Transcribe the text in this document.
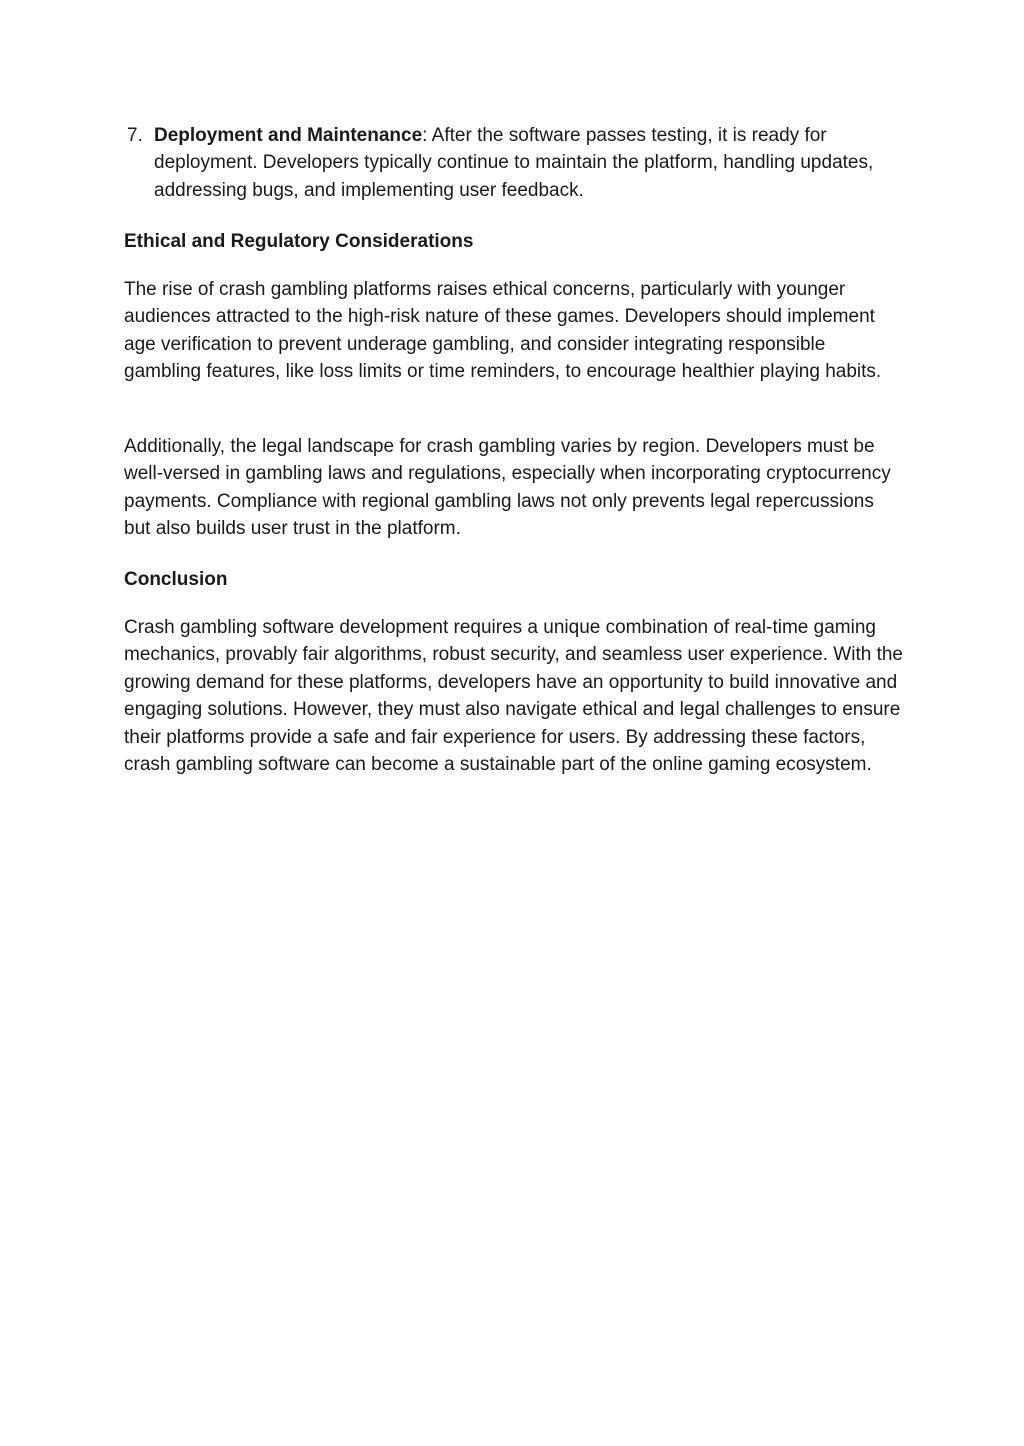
7. Deployment and Maintenance: After the software passes testing, it is ready for deployment. Developers typically continue to maintain the platform, handling updates, addressing bugs, and implementing user feedback.
Ethical and Regulatory Considerations

The rise of crash gambling platforms raises ethical concerns, particularly with younger audiences attracted to the high-risk nature of these games. Developers should implement age verification to prevent underage gambling, and consider integrating responsible gambling features, like loss limits or time reminders, to encourage healthier playing habits.

Additionally, the legal landscape for crash gambling varies by region. Developers must be well-versed in gambling laws and regulations, especially when incorporating cryptocurrency payments. Compliance with regional gambling laws not only prevents legal repercussions but also builds user trust in the platform.

Conclusion

Crash gambling software development requires a unique combination of real-time gaming mechanics, provably fair algorithms, robust security, and seamless user experience. With the growing demand for these platforms, developers have an opportunity to build innovative and engaging solutions. However, they must also navigate ethical and legal challenges to ensure their platforms provide a safe and fair experience for users. By addressing these factors, crash gambling software can become a sustainable part of the online gaming ecosystem.
